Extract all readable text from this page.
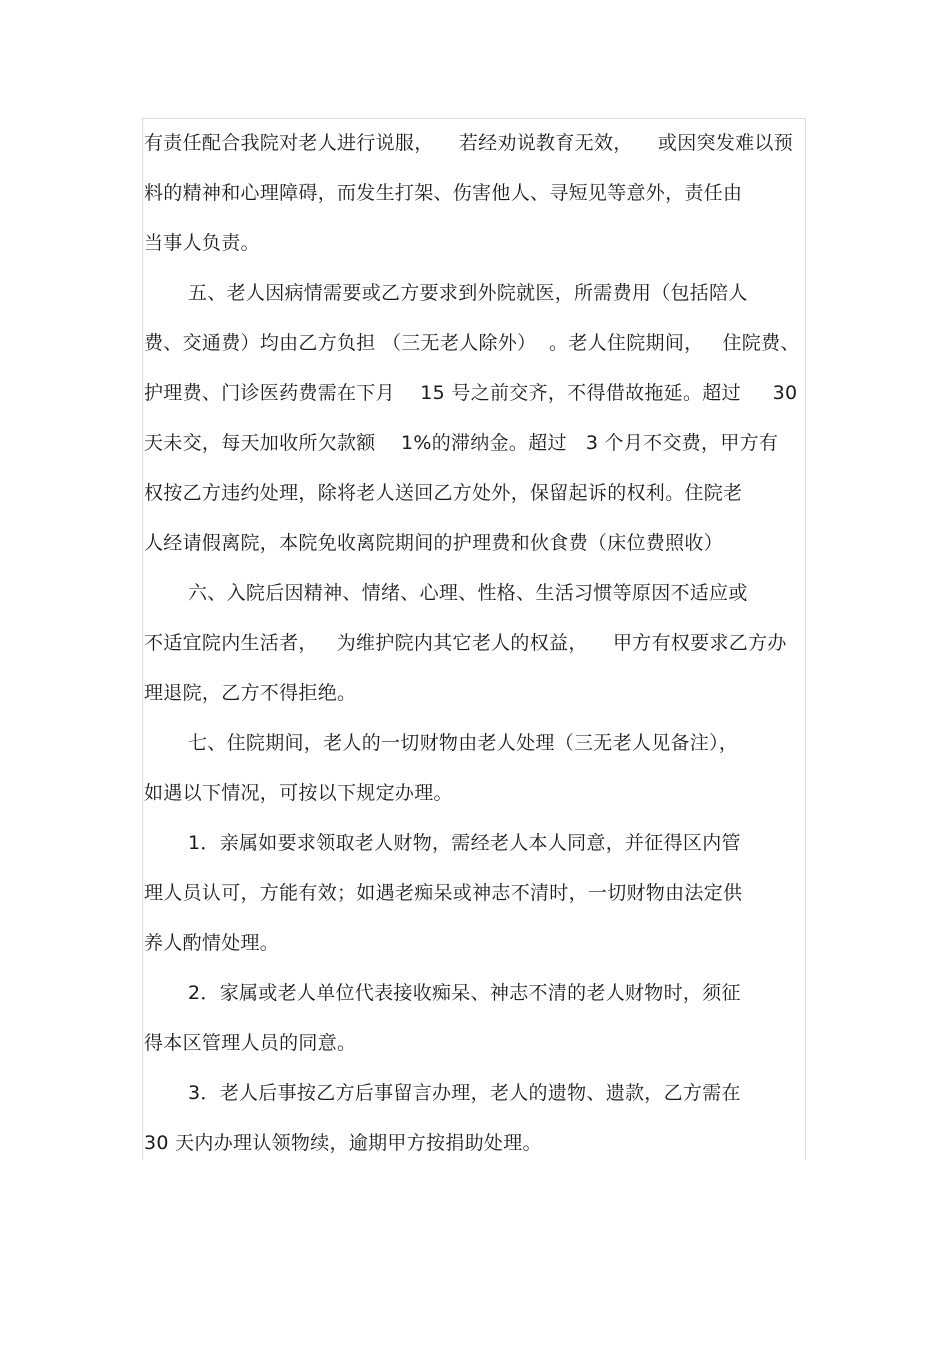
有责任配合我院对老人进行说服，    若经劝说教育无效，    或因突发难以预
料的精神和心理障碍，而发生打架、伤害他人、寻短见等意外，责任由
当事人负责。
五、老人因病情需要或乙方要求到外院就医，所需费用（包括陪人
费、交通费）均由乙方负担 （三无老人除外）  。老人住院期间，   住院费、
护理费、门诊医药费需在下月    15 号之前交齐，不得借故拖延。超过     30
天未交，每天加收所欠款额    1%的滞纳金。超过   3 个月不交费，甲方有
权按乙方违约处理，除将老人送回乙方处外，保留起诉的权利。住院老
人经请假离院，本院免收离院期间的护理费和伙食费（床位费照收）
六、入院后因精神、情绪、心理、性格、生活习惯等原因不适应或
不适宜院内生活者，   为维护院内其它老人的权益，    甲方有权要求乙方办
理退院，乙方不得拒绝。
七、住院期间，老人的一切财物由老人处理（三无老人见备注），
如遇以下情况，可按以下规定办理。
1．亲属如要求领取老人财物，需经老人本人同意，并征得区内管
理人员认可，方能有效；如遇老痴呆或神志不清时，一切财物由法定供
养人酌情处理。
2．家属或老人单位代表接收痴呆、神志不清的老人财物时，须征
得本区管理人员的同意。
3．老人后事按乙方后事留言办理，老人的遗物、遗款，乙方需在
30 天内办理认领物续，逾期甲方按捐助处理。
